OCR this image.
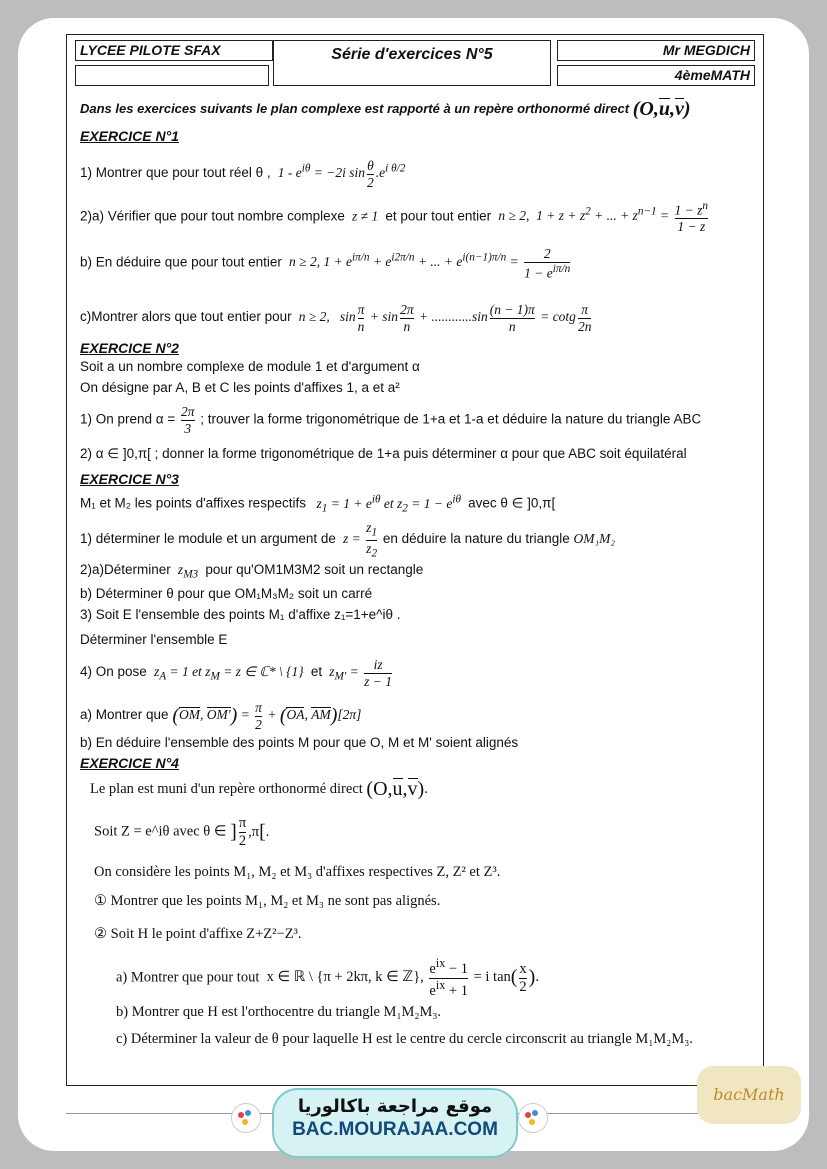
LYCEE PILOTE SFAX	Série d'exercices N°5	Mr MEGDICH
4èmeMATH
Dans les exercices suivants le plan complexe est rapporté à un repère orthonormé direct (O,u,v)
EXERCICE N°1
1) Montrer que pour tout réel θ ,  $1 - e^{i\theta} = -2i$ $\sin \frac{\theta}{2} .e^{i \theta/2}$
2)a) Vérifier que pour tout nombre complexe  z ≠ 1  et pour tout entier  n ≥ 2,  $1 + z + z^2$ + ... + $z^{n-1} = \frac{1 - z^n}{1 - z}$
b) En déduire que pour tout entier  n ≥ 2, $1 + e^{i\pi/n} + e^{i2\pi/n}$ + ... + $e^{i(n-1)\pi/n} = \frac{2}{1 - e^{i\pi/n}}$
c)Montrer alors que tout entier pour  n ≥ 2,   $\sin \frac{\pi}{n} + \sin \frac{2\pi}{n} + ............\sin \frac{(n - 1)\pi}{n} = \cot g \frac{\pi}{2n}$
EXERCICE N°2
Soit a un nombre complexe de module 1 et d'argument α
On désigne par A, B et C les points d'affixes 1, a et a²
1) On prend $\alpha = \frac{2\pi}{3}$ ; trouver la forme trigonométrique de 1+a et 1-a et déduire la nature du triangle ABC
2) α ∈ ]0,π[ ; donner la forme trigonométrique de 1+a puis déterminer α pour que ABC soit équilatéral
EXERCICE N°3
M₁ et M₂ les points d'affixes respectifs   $z_1 = 1 + e^{i\theta}$ et $z_2 = 1 - e^{i\theta}$ avec θ ∈ ]0,π[
1) déterminer le module et un argument de  $z = \frac{z_1}{z_2}$ en déduire la nature du triangle OM₁M₂
2)a)Déterminer  $z_{M3}$ pour qu'OM1M3M2 soit un rectangle
b) Déterminer θ pour que OM₁M₃M₂ soit un carré
3) Soit E l'ensemble des points M₁ d'affixe z₁=1+e^iθ .
Déterminer l'ensemble E
4) On pose  $z_A = 1$ et $z_M = z$ ∈ ℂ* \ {1}  et  $z_{M'} = \frac{iz}{z - 1}$
a) Montrer que (OM, $OM') = \frac{\pi}{2} + (OA$, AM)[2π]
b) En déduire l'ensemble des points M pour que O, M et M' soient alignés
EXERCICE N°4
Le plan est muni d'un repère orthonormé direct (O,u,v).
Soit Z = e^iθ avec θ ∈ ] $\frac{\pi}{2} ,\pi$[.
On considère les points M₁, M₂ et M₃ d'affixes respectives Z, Z² et Z³.
① Montrer que les points M₁, M₂ et M₃ ne sont pas alignés.
② Soit H le point d'affixe Z+Z²−Z³.
a) Montrer que pour tout  x ∈ ℝ \ {π + 2kπ, k ∈ ℤ}, $\frac{e^{ix} - 1}{e^{ix} + 1} = i$ $\tan( \frac{x}{2}$ ).
b) Montrer que H est l'orthocentre du triangle M₁M₂M₃.
c) Déterminer la valeur de θ pour laquelle H est le centre du cercle circonscrit au triangle M₁M₂M₃.
موقع مراجعة باكالوريا
BAC.MOURAJAA.COM
bacMath
